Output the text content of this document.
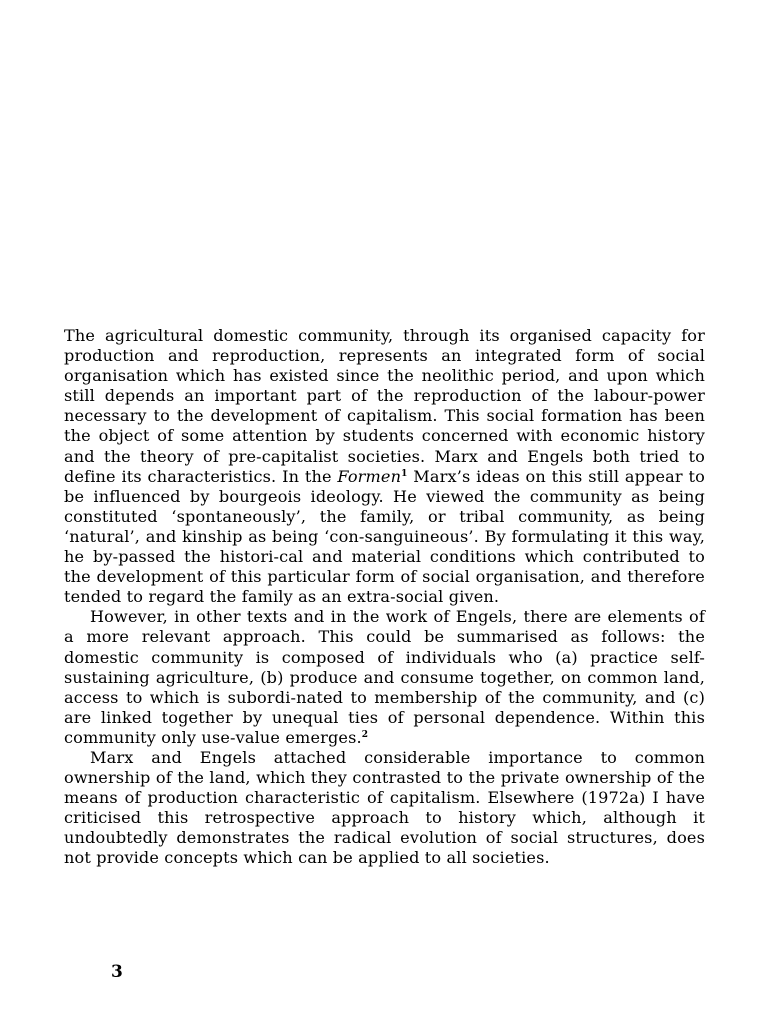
The agricultural domestic community, through its organised capacity for production and reproduction, represents an integrated form of social organisation which has existed since the neolithic period, and upon which still depends an important part of the reproduction of the labour-power necessary to the development of capitalism. This social formation has been the object of some attention by students concerned with economic history and the theory of pre-capitalist societies. Marx and Engels both tried to define its characteristics. In the Formen$^1$ Marx’s ideas on this still appear to be influenced by bourgeois ideology. He viewed the community as being constituted ‘spontaneously’, the family, or tribal community, as being ‘natural’, and kinship as being ‘con-sanguineous’. By formulating it this way, he by-passed the histori-cal and material conditions which contributed to the development of this particular form of social organisation, and therefore tended to regard the family as an extra-social given.

However, in other texts and in the work of Engels, there are elements of a more relevant approach. This could be summarised as follows: the domestic community is composed of individuals who (a) practice self-sustaining agriculture, (b) produce and consume together, on common land, access to which is subordi-nated to membership of the community, and (c) are linked together by unequal ties of personal dependence. Within this community only use-value emerges.$^2$

Marx and Engels attached considerable importance to common ownership of the land, which they contrasted to the private ownership of the means of production characteristic of capitalism. Elsewhere (1972a) I have criticised this retrospective approach to history which, although it undoubtedly demonstrates the radical evolution of social structures, does not provide concepts which can be applied to all societies.

3
